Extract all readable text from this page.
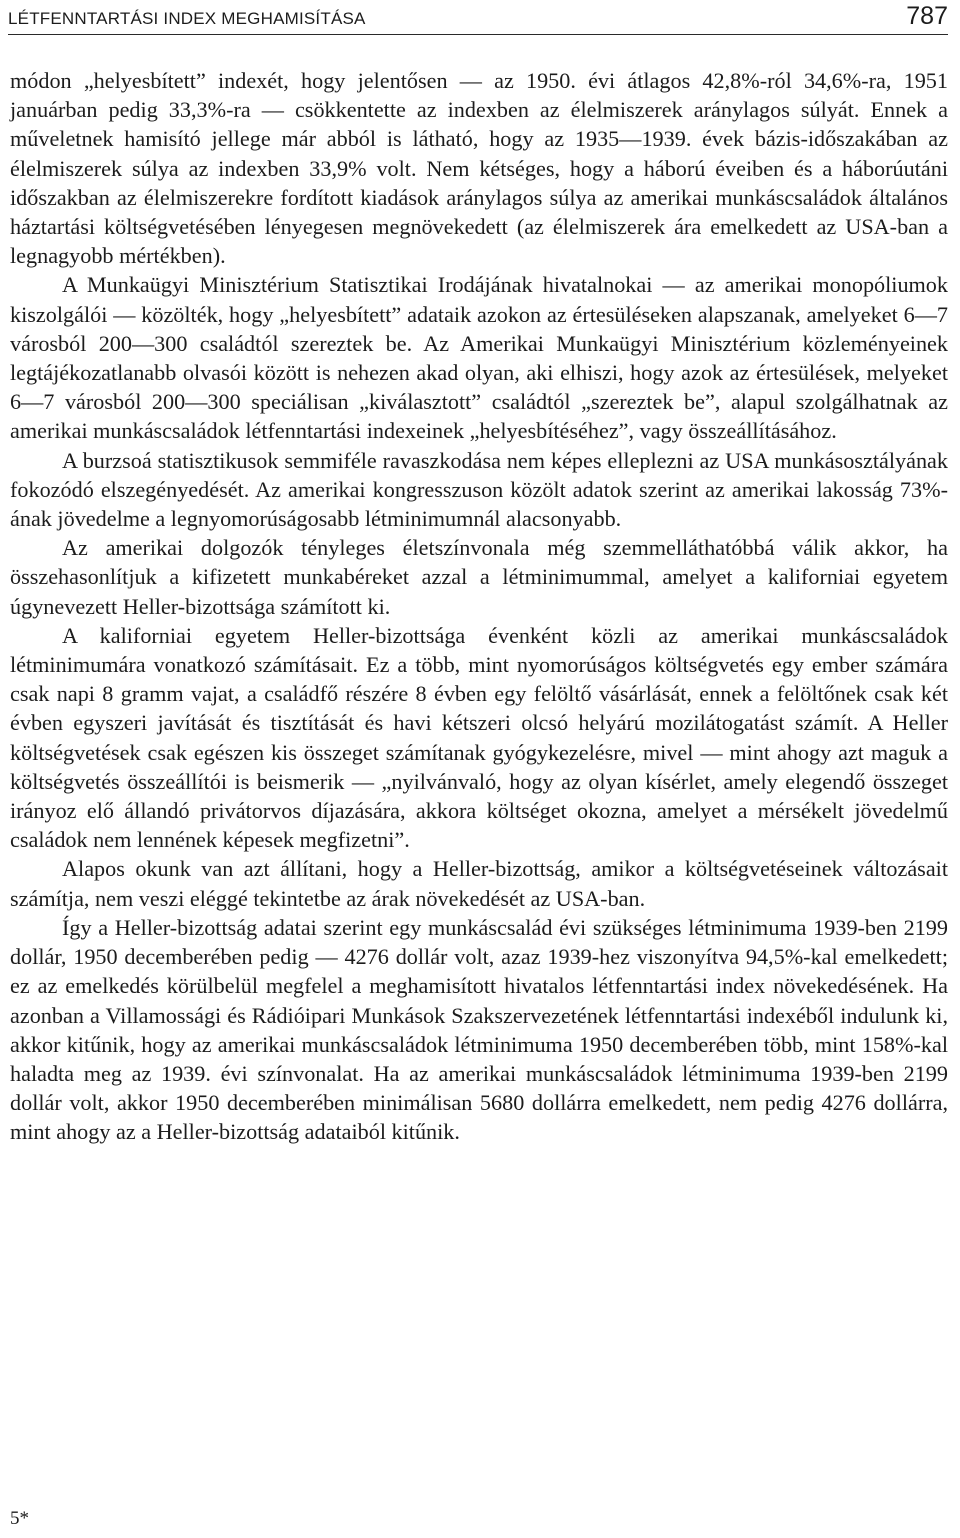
LÉTFENNTARTÁSI INDEX MEGHAMISÍTÁSA	787

módon „helyesbített” indexét, hogy jelentősen — az 1950. évi átlagos 42,8%-ról 34,6%-ra, 1951 januárban pedig 33,3%-ra — csökkentette az indexben az élelmiszerek aránylagos súlyát. Ennek a műveletnek hamisító jellege már abból is látható, hogy az 1935—1939. évek bázis-időszakában az élelmiszerek súlya az indexben 33,9% volt. Nem kétséges, hogy a háború éveiben és a háborúutáni időszakban az élelmiszerekre fordított kiadások aránylagos súlya az amerikai munkáscsaládok általános háztartási költségvetésében lényegesen megnövekedett (az élelmiszerek ára emelkedett az USA-ban a legnagyobb mértékben).

A Munkaügyi Minisztérium Statisztikai Irodájának hivatalnokai — az amerikai monopóliumok kiszolgálói — közölték, hogy „helyesbített” adataik azokon az értesüléseken alapszanak, amelyeket 6—7 városból 200—300 családtól szereztek be. Az Amerikai Munkaügyi Minisztérium közleményeinek legtájékozatlanabb olvasói között is nehezen akad olyan, aki elhiszi, hogy azok az értesülések, melyeket 6—7 városból 200—300 speciálisan „kiválasztott” családtól „szereztek be”, alapul szolgálhatnak az amerikai munkáscsaládok létfenntartási indexeinek „helyesbítéséhez”, vagy összeállításához.

A burzsoá statisztikusok semmiféle ravaszkodása nem képes elleplezni az USA munkásosztályának fokozódó elszegényedését. Az amerikai kongresszuson közölt adatok szerint az amerikai lakosság 73%-ának jövedelme a legnyomorúságosabb létminimumnál alacsonyabb.

Az amerikai dolgozók tényleges életszínvonala még szemmelláthatóbbá válik akkor, ha összehasonlítjuk a kifizetett munkabéreket azzal a létminimummal, amelyet a kaliforniai egyetem úgynevezett Heller-bizottsága számított ki.

A kaliforniai egyetem Heller-bizottsága évenként közli az amerikai munkáscsaládok létminimumára vonatkozó számításait. Ez a több, mint nyomorúságos költségvetés egy ember számára csak napi 8 gramm vajat, a családfő részére 8 évben egy felöltő vásárlását, ennek a felöltőnek csak két évben egyszeri javítását és tisztítását és havi kétszeri olcsó helyárú mozilátogatást számít. A Heller költségvetések csak egészen kis összeget számítanak gyógykezelésre, mivel — mint ahogy azt maguk a költségvetés összeállítói is beismerik — „nyilvánvaló, hogy az olyan kísérlet, amely elegendő összeget irányoz elő állandó privátorvos díjazására, akkora költséget okozna, amelyet a mérsékelt jövedelmű családok nem lennének képesek megfizetni”.

Alapos okunk van azt állítani, hogy a Heller-bizottság, amikor a költségvetéseinek változásait számítja, nem veszi eléggé tekintetbe az árak növekedését az USA-ban.

Így a Heller-bizottság adatai szerint egy munkáscsalád évi szükséges létminimuma 1939-ben 2199 dollár, 1950 decemberében pedig — 4276 dollár volt, azaz 1939-hez viszonyítva 94,5%-kal emelkedett; ez az emelkedés körülbelül megfelel a meghamisított hivatalos létfenntartási index növekedésének. Ha azonban a Villamossági és Rádióipari Munkások Szakszervezetének létfenntartási indexéből indulunk ki, akkor kitűnik, hogy az amerikai munkáscsaládok létminimuma 1950 decemberében több, mint 158%-kal haladta meg az 1939. évi színvonalat. Ha az amerikai munkáscsaládok létminimuma 1939-ben 2199 dollár volt, akkor 1950 decemberében minimálisan 5680 dollárra emelkedett, nem pedig 4276 dollárra, mint ahogy az a Heller-bizottság adataiból kitűnik.

5*
